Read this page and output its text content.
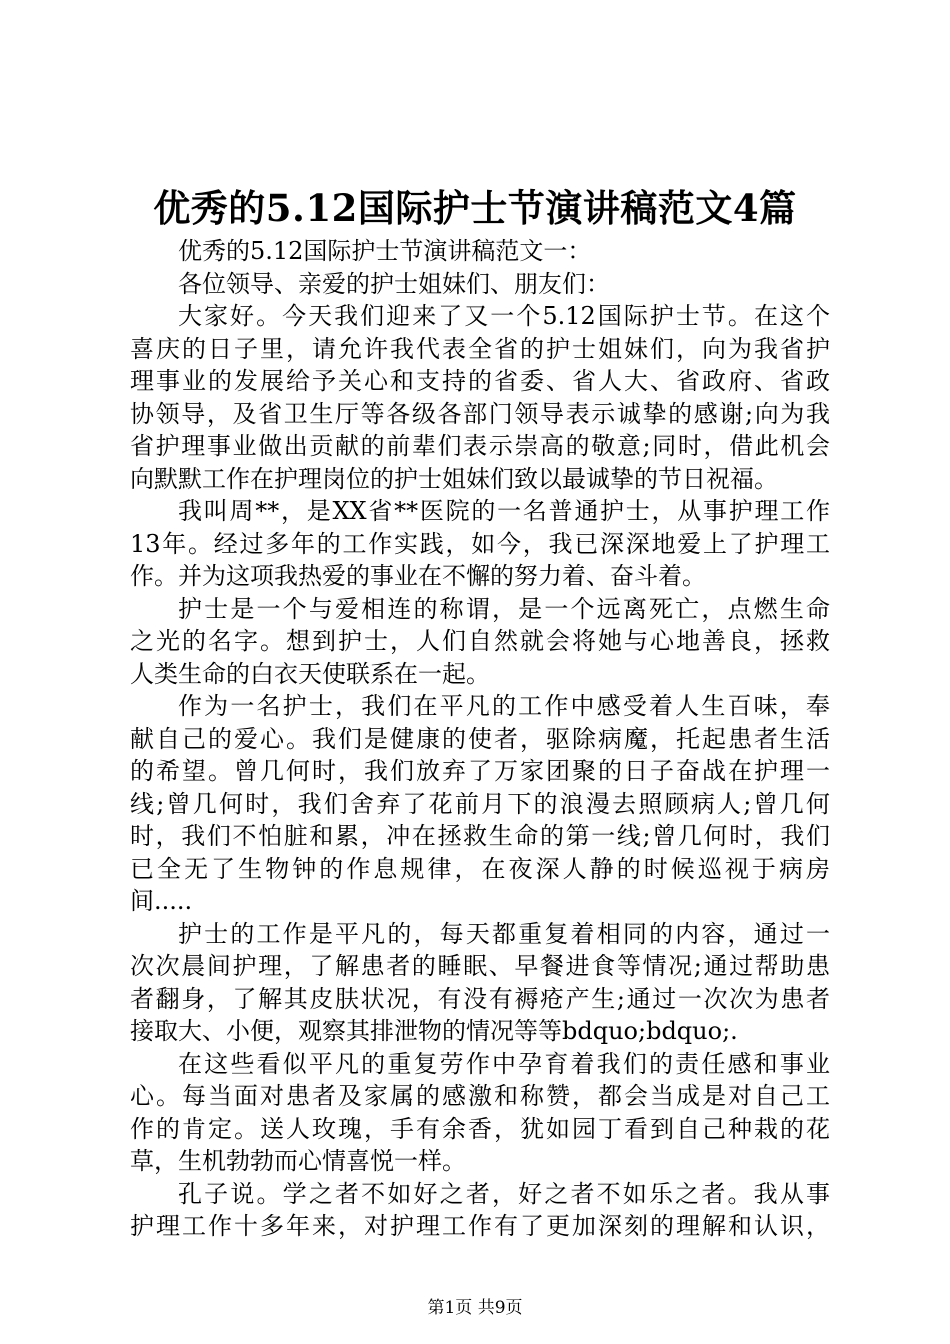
优秀的5.12国际护士节演讲稿范文4篇
优秀的5.12国际护士节演讲稿范文一：
各位领导、亲爱的护士姐妹们、朋友们：
大家好。今天我们迎来了又一个5.12国际护士节。在这个
喜庆的日子里，请允许我代表全省的护士姐妹们，向为我省护
理事业的发展给予关心和支持的省委、省人大、省政府、省政
协领导，及省卫生厅等各级各部门领导表示诚挚的感谢;向为我
省护理事业做出贡献的前辈们表示崇高的敬意;同时，借此机会
向默默工作在护理岗位的护士姐妹们致以最诚挚的节日祝福。
我叫周**，是XX省**医院的一名普通护士，从事护理工作
13年。经过多年的工作实践，如今，我已深深地爱上了护理工
作。并为这项我热爱的事业在不懈的努力着、奋斗着。
护士是一个与爱相连的称谓，是一个远离死亡，点燃生命
之光的名字。想到护士，人们自然就会将她与心地善良，拯救
人类生命的白衣天使联系在一起。
作为一名护士，我们在平凡的工作中感受着人生百味，奉
献自己的爱心。我们是健康的使者，驱除病魔，托起患者生活
的希望。曾几何时，我们放弃了万家团聚的日子奋战在护理一
线;曾几何时，我们舍弃了花前月下的浪漫去照顾病人;曾几何
时，我们不怕脏和累，冲在拯救生命的第一线;曾几何时，我们
已全无了生物钟的作息规律，在夜深人静的时候巡视于病房
间.....
护士的工作是平凡的，每天都重复着相同的内容，通过一
次次晨间护理，了解患者的睡眠、早餐进食等情况;通过帮助患
者翻身，了解其皮肤状况，有没有褥疮产生;通过一次次为患者
接取大、小便，观察其排泄物的情况等等bdquo;bdquo;.
在这些看似平凡的重复劳作中孕育着我们的责任感和事业
心。每当面对患者及家属的感激和称赞，都会当成是对自己工
作的肯定。送人玫瑰，手有余香，犹如园丁看到自己种栽的花
草，生机勃勃而心情喜悦一样。
孔子说。学之者不如好之者，好之者不如乐之者。我从事
护理工作十多年来，对护理工作有了更加深刻的理解和认识，
第1页 共9页
